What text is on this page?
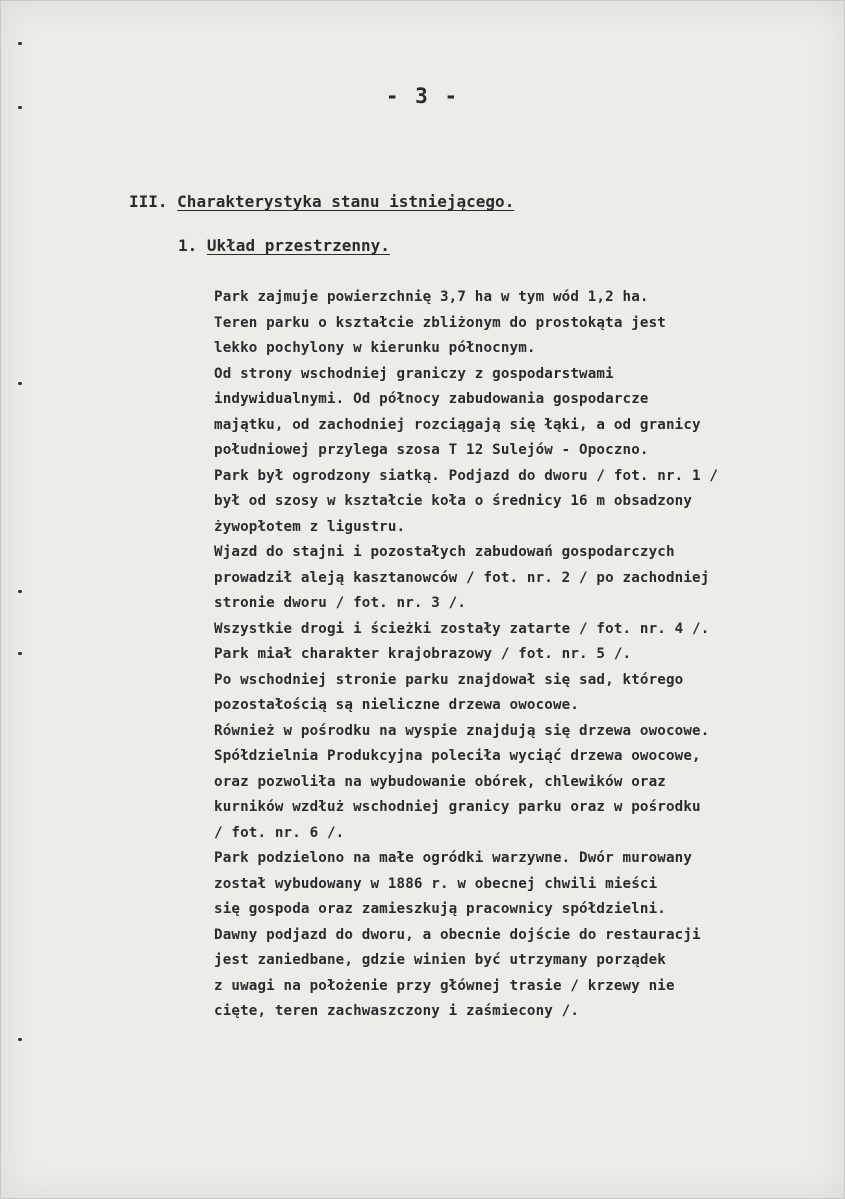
- 3 -
III. Charakterystyka stanu istniejącego.
1. Układ przestrzenny.
Park zajmuje powierzchnię 3,7 ha w tym wód 1,2 ha.
Teren parku o kształcie zbliżonym do prostokąta jest
lekko pochylony w kierunku północnym.
Od strony wschodniej graniczy z gospodarstwami
indywidualnymi. Od północy zabudowania gospodarcze
majątku, od zachodniej rozciągają się łąki, a od granicy
południowej przylega szosa T 12 Sulejów - Opoczno.
Park był ogrodzony siatką. Podjazd do dworu / fot. nr. 1 /
był od szosy w kształcie koła o średnicy 16 m obsadzony
żywopłotem z ligustru.
Wjazd do stajni i pozostałych zabudowań gospodarczych
prowadził aleją kasztanowców / fot. nr. 2 / po zachodniej
stronie dworu / fot. nr. 3 /.
Wszystkie drogi i ścieżki zostały zatarte / fot. nr. 4 /.
Park miał charakter krajobrazowy / fot. nr. 5 /.
Po wschodniej stronie parku znajdował się sad, którego
pozostałością są nieliczne drzewa owocowe.
Również w pośrodku na wyspie znajdują się drzewa owocowe.
Spółdzielnia Produkcyjna poleciła wyciąć drzewa owocowe,
oraz pozwoliła na wybudowanie obórek, chlewików oraz
kurników wzdłuż wschodniej granicy parku oraz w pośrodku
/ fot. nr. 6 /.
Park podzielono na małe ogródki warzywne. Dwór murowany
został wybudowany w 1886 r. w obecnej chwili mieści
się gospoda oraz zamieszkują pracownicy spółdzielni.
Dawny podjazd do dworu, a obecnie dojście do restauracji
jest zaniedbane, gdzie winien być utrzymany porządek
z uwagi na położenie przy głównej trasie / krzewy nie
cięte, teren zachwaszczony i zaśmiecony /.
